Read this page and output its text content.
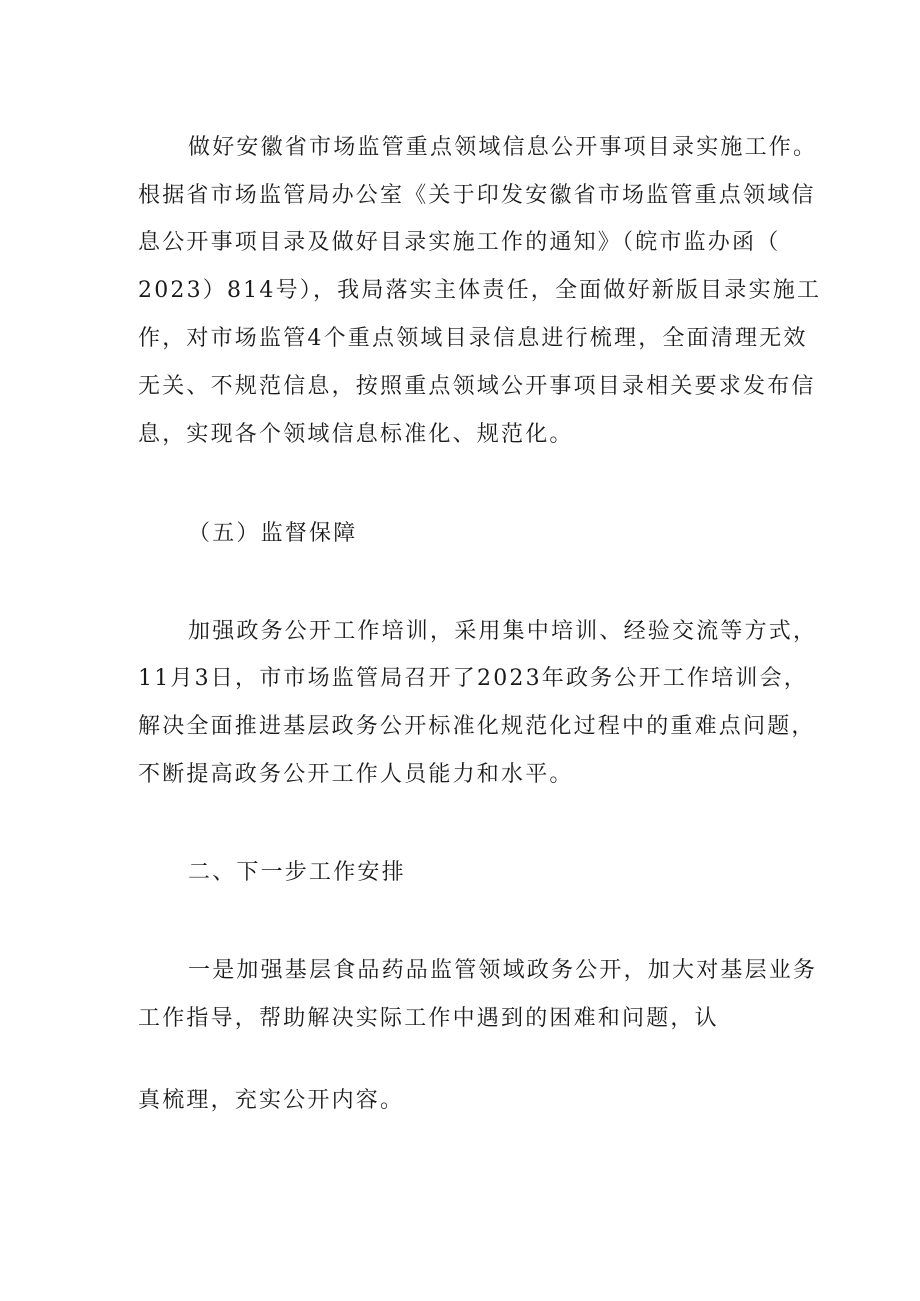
做好安徽省市场监管重点领域信息公开事项目录实施工作。
根据省市场监管局办公室《关于印发安徽省市场监管重点领域信
息公开事项目录及做好目录实施工作的通知》（皖市监办函（
2023）814号），我局落实主体责任，全面做好新版目录实施工
作，对市场监管4个重点领域目录信息进行梳理，全面清理无效
无关、不规范信息，按照重点领域公开事项目录相关要求发布信
息，实现各个领域信息标准化、规范化。
（五）监督保障
加强政务公开工作培训，采用集中培训、经验交流等方式，
11月3日，市市场监管局召开了2023年政务公开工作培训会，
解决全面推进基层政务公开标准化规范化过程中的重难点问题，
不断提高政务公开工作人员能力和水平。
二、下一步工作安排
一是加强基层食品药品监管领域政务公开，加大对基层业务
工作指导，帮助解决实际工作中遇到的困难和问题，认
真梳理，充实公开内容。
